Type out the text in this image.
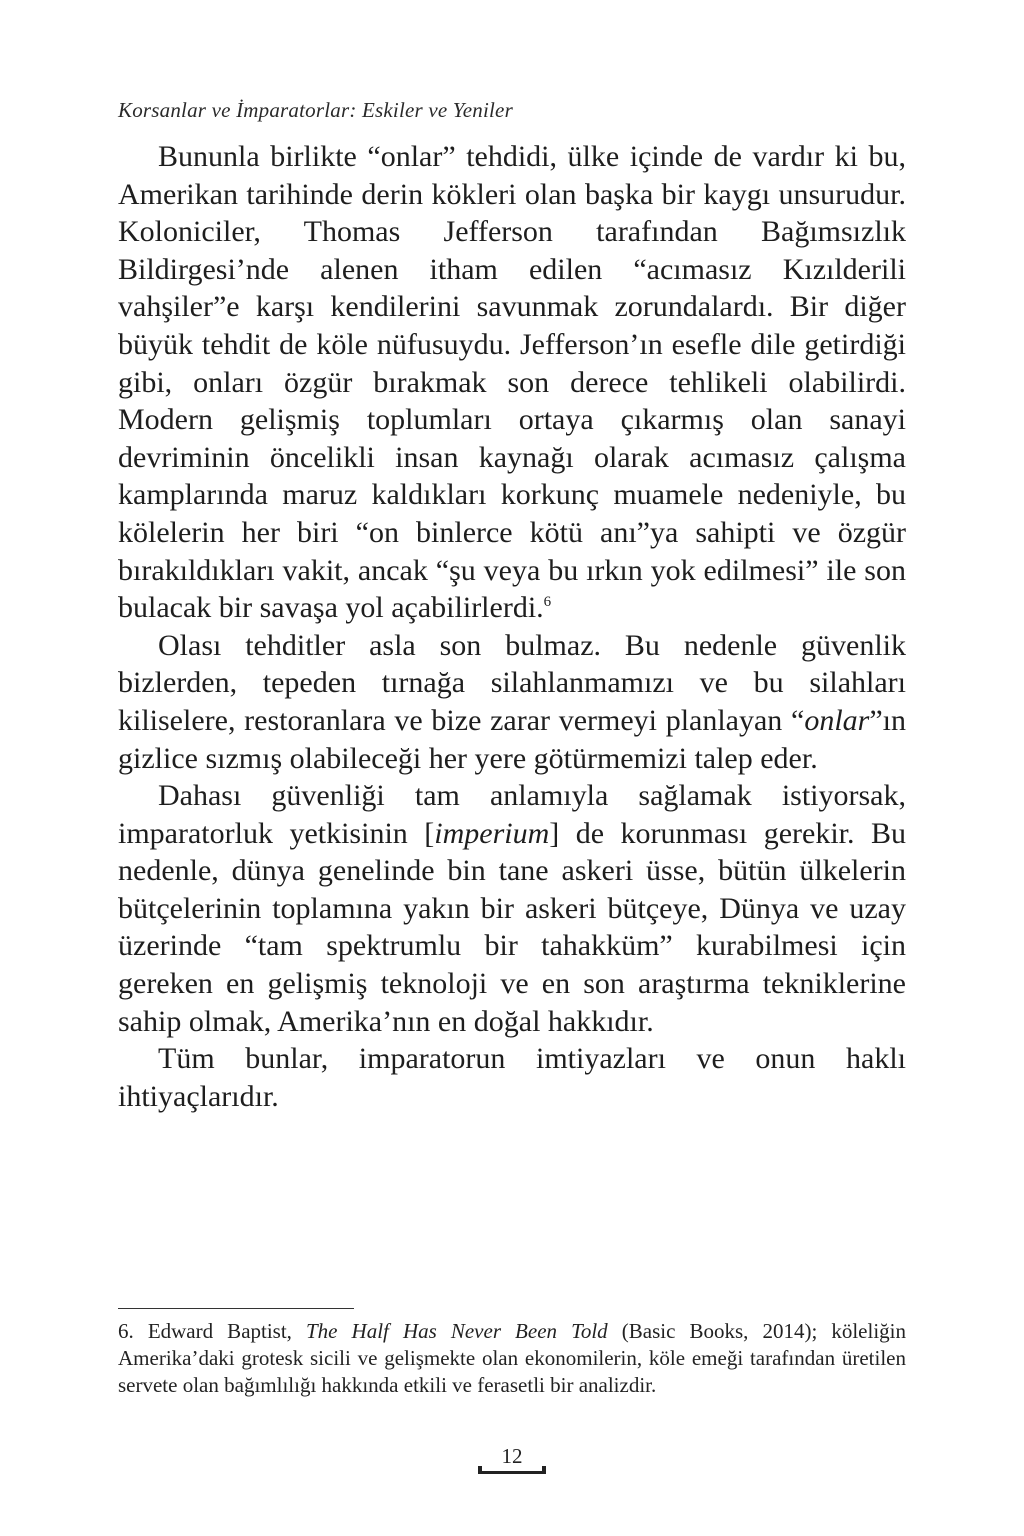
Korsanlar ve İmparatorlar: Eskiler ve Yeniler

Bununla birlikte “onlar” tehdidi, ülke içinde de vardır ki bu, Amerikan tarihinde derin kökleri olan başka bir kaygı unsurudur. Koloniciler, Thomas Jefferson tarafından Bağımsızlık Bildirgesi’nde alenen itham edilen “acımasız Kızılderili vahşiler”e karşı kendilerini savunmak zorundalardı. Bir diğer büyük tehdit de köle nüfusuydu. Jefferson’ın esefle dile getirdiği gibi, onları özgür bırakmak son derece tehlikeli olabilirdi. Modern gelişmiş toplumları ortaya çıkarmış olan sanayi devriminin öncelikli insan kaynağı olarak acımasız çalışma kamplarında maruz kaldıkları korkunç muamele nedeniyle, bu kölelerin her biri “on binlerce kötü anı”ya sahipti ve özgür bırakıldıkları vakit, ancak “şu veya bu ırkın yok edilmesi” ile son bulacak bir savaşa yol açabilirlerdi.$^6$

Olası tehditler asla son bulmaz. Bu nedenle güvenlik bizlerden, tepeden tırnağa silahlanmamızı ve bu silahları kiliselere, restoranlara ve bize zarar vermeyi planlayan “onlar”ın gizlice sızmış olabileceği her yere götürmemizi talep eder.

Dahası güvenliği tam anlamıyla sağlamak istiyorsak, imparatorluk yetkisinin [imperium] de korunması gerekir. Bu nedenle, dünya genelinde bin tane askeri üsse, bütün ülkelerin bütçelerinin toplamına yakın bir askeri bütçeye, Dünya ve uzay üzerinde “tam spektrumlu bir tahakküm” kurabilmesi için gereken en gelişmiş teknoloji ve en son araştırma tekniklerine sahip olmak, Amerika’nın en doğal hakkıdır.

Tüm bunlar, imparatorun imtiyazları ve onun haklı ihtiyaçlarıdır.

6. Edward Baptist, The Half Has Never Been Told (Basic Books, 2014); köleliğin Amerika’daki grotesk sicili ve gelişmekte olan ekonomilerin, köle emeği tarafından üretilen servete olan bağımlılığı hakkında etkili ve ferasetli bir analizdir.

12
